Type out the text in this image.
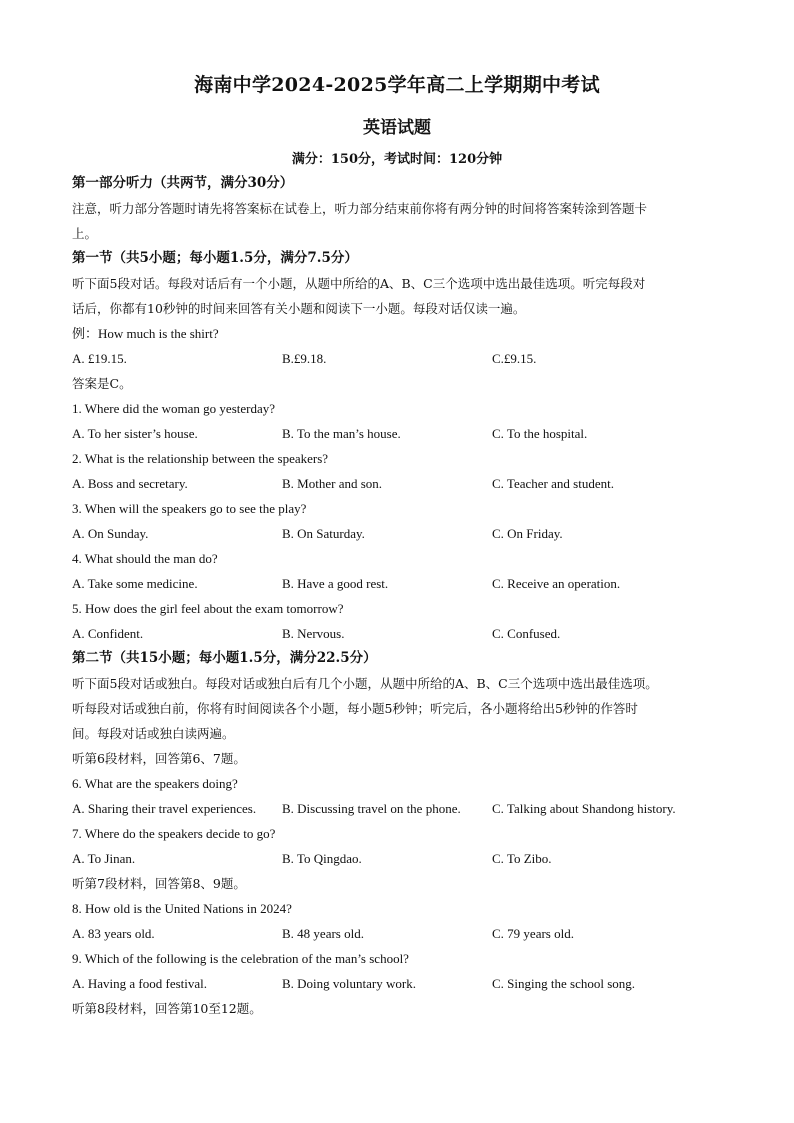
海南中学2024-2025学年高二上学期期中考试
英语试题
满分：150分，考试时间：120分钟
第一部分听力（共两节，满分30分）
注意，听力部分答题时请先将答案标在试卷上，听力部分结束前你将有两分钟的时间将答案转涂到答题卡
上。
第一节（共5小题；每小题1.5分，满分7.5分）
听下面5段对话。每段对话后有一个小题，从题中所给的A、B、C三个选项中选出最佳选项。听完每段对
话后，你都有10秒钟的时间来回答有关小题和阅读下一小题。每段对话仅读一遍。
例：How much is the shirt?
A. £19.15.	B.£9.18.	C.£9.15.
答案是C。
1. Where did the woman go yesterday?
A. To her sister’s house.	B. To the man’s house.	C. To the hospital.
2. What is the relationship between the speakers?
A. Boss and secretary.	B. Mother and son.	C. Teacher and student.
3. When will the speakers go to see the play?
A. On Sunday.	B. On Saturday.	C. On Friday.
4. What should the man do?
A. Take some medicine.	B. Have a good rest.	C. Receive an operation.
5. How does the girl feel about the exam tomorrow?
A. Confident.	B. Nervous.	C. Confused.
第二节（共15小题；每小题1.5分，满分22.5分）
听下面5段对话或独白。每段对话或独白后有几个小题，从题中所给的A、B、C三个选项中选出最佳选项。
听每段对话或独白前，你将有时间阅读各个小题，每小题5秒钟；听完后，各小题将给出5秒钟的作答时
间。每段对话或独白读两遍。
听第6段材料，回答第6、7题。
6. What are the speakers doing?
A. Sharing their travel experiences. B. Discussing travel on the phone. C. Talking about Shandong history.
7. Where do the speakers decide to go?
A. To Jinan.	B. To Qingdao.	C. To Zibo.
听第7段材料，回答第8、9题。
8. How old is the United Nations in 2024?
A. 83 years old.	B. 48 years old.	C. 79 years old.
9. Which of the following is the celebration of the man’s school?
A. Having a food festival.	B. Doing voluntary work.	C. Singing the school song.
听第8段材料，回答第10至12题。
